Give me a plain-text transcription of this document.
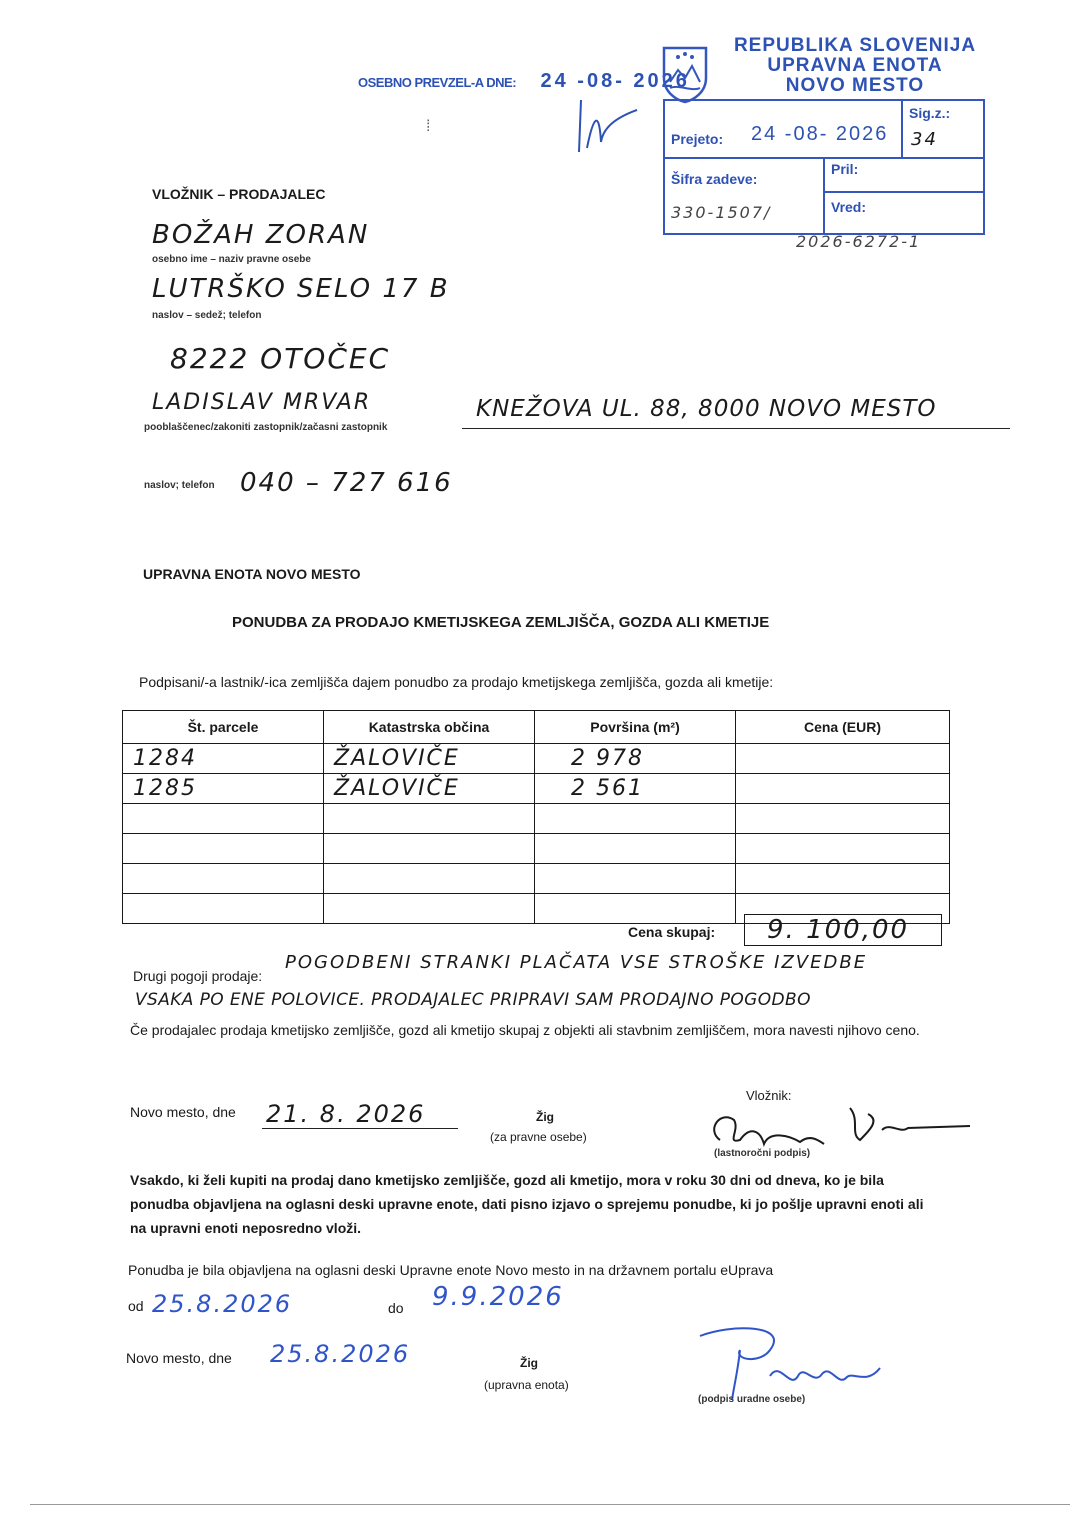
OSEBNO PREVZEL-A DNE: 24 -08- 2026
⁞
REPUBLIKA SLOVENIJA
UPRAVNA ENOTA
NOVO MESTO
Prejeto: 24 -08- 2026
Sig.z.:
34
Šifra zadeve:
330-1507/
Pril:
Vred:
2026-6272-1
VLOŽNIK – PRODAJALEC
BOŽAH ZORAN
osebno ime – naziv pravne osebe
LUTRŠKO SELO 17 B
naslov – sedež; telefon
8222 OTOČEC
LADISLAV MRVAR	KNEŽOVA UL. 88, 8000 NOVO MESTO
pooblaščenec/zakoniti zastopnik/začasni zastopnik
naslov; telefon 040 – 727 616
UPRAVNA ENOTA NOVO MESTO
PONUDBA ZA PRODAJO KMETIJSKEGA ZEMLJIŠČA, GOZDA ALI KMETIJE
Podpisani/-a lastnik/-ica zemljišča dajem ponudbo za prodajo kmetijskega zemljišča, gozda ali kmetije:
Št. parcele	Katastrska občina	Površina (m²)	Cena (EUR)
1284	ŽALOVIČE	2 978	
1285	ŽALOVIČE	2 561	

Cena skupaj: 9. 100,00
Drugi pogoji prodaje:
POGODBENI STRANKI PLAČATA VSE STROŠKE IZVEDBE
VSAKA PO ENE POLOVICE. PRODAJALEC PRIPRAVI SAM PRODAJNO POGODBO
Če prodajalec prodaja kmetijsko zemljišče, gozd ali kmetijo skupaj z objekti ali stavbnim zemljiščem, mora navesti njihovo ceno.
Novo mesto, dne 21. 8. 2026	Žig
(za pravne osebe)
Vložnik:
(lastnoročni podpis)
Vsakdo, ki želi kupiti na prodaj dano kmetijsko zemljišče, gozd ali kmetijo, mora v roku 30 dni od dneva, ko je bila ponudba objavljena na oglasni deski upravne enote, dati pisno izjavo o sprejemu ponudbe, ki jo pošlje upravni enoti ali na upravni enoti neposredno vloži.
Ponudba je bila objavljena na oglasni deski Upravne enote Novo mesto in na državnem portalu eUprava
od 25.8.2026	do 9.9.2026
Novo mesto, dne 25.8.2026	Žig
(upravna enota)
(podpis uradne osebe)
